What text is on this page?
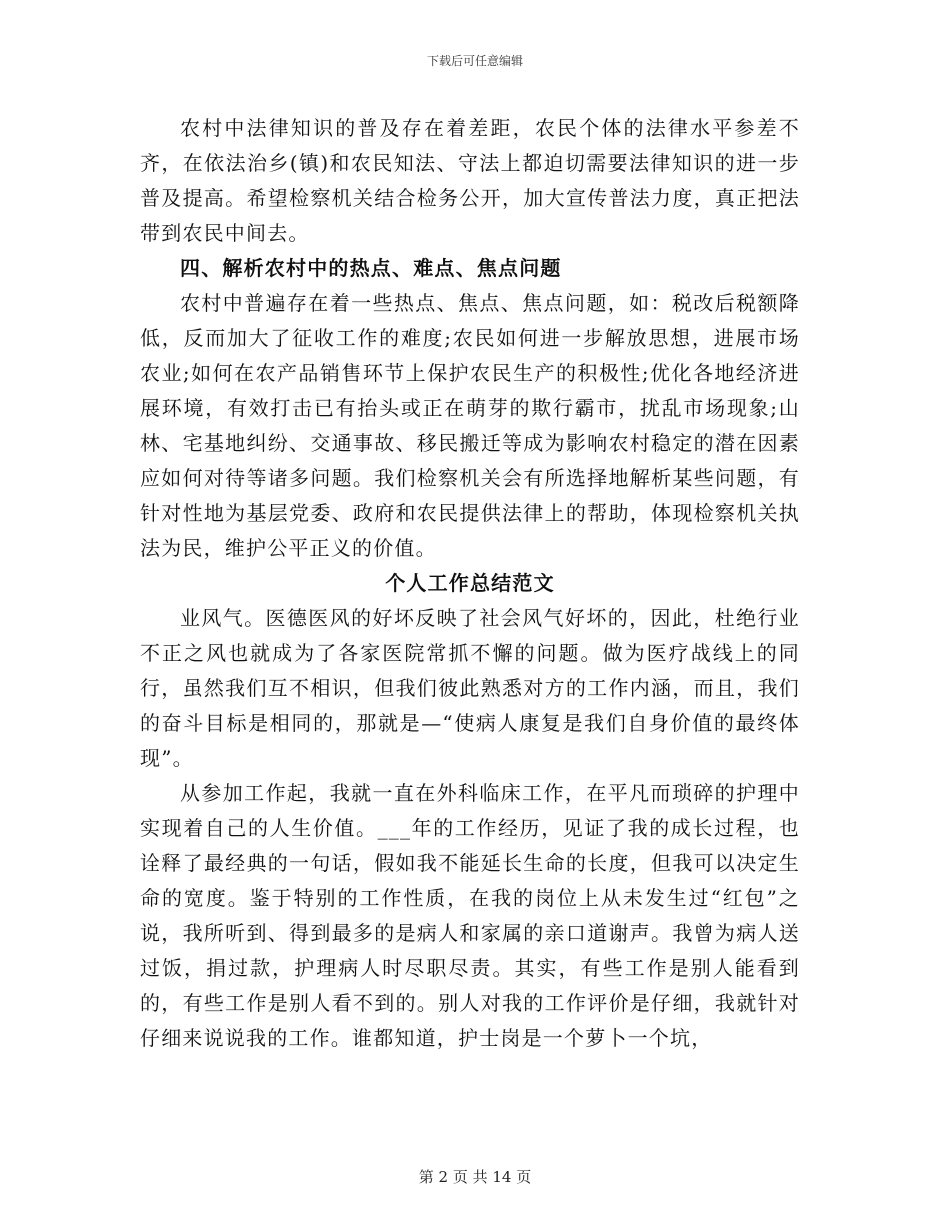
下载后可任意编辑

农村中法律知识的普及存在着差距，农民个体的法律水平参差不齐，在依法治乡(镇)和农民知法、守法上都迫切需要法律知识的进一步普及提高。希望检察机关结合检务公开，加大宣传普法力度，真正把法带到农民中间去。

四、解析农村中的热点、难点、焦点问题

农村中普遍存在着一些热点、焦点、焦点问题，如：税改后税额降低，反而加大了征收工作的难度;农民如何进一步解放思想，进展市场农业;如何在农产品销售环节上保护农民生产的积极性;优化各地经济进展环境，有效打击已有抬头或正在萌芽的欺行霸市，扰乱市场现象;山林、宅基地纠纷、交通事故、移民搬迁等成为影响农村稳定的潜在因素应如何对待等诸多问题。我们检察机关会有所选择地解析某些问题，有针对性地为基层党委、政府和农民提供法律上的帮助，体现检察机关执法为民，维护公平正义的价值。

个人工作总结范文

业风气。医德医风的好坏反映了社会风气好坏的，因此，杜绝行业不正之风也就成为了各家医院常抓不懈的问题。做为医疗战线上的同行，虽然我们互不相识，但我们彼此熟悉对方的工作内涵，而且，我们的奋斗目标是相同的，那就是—“使病人康复是我们自身价值的最终体现”。

从参加工作起，我就一直在外科临床工作，在平凡而琐碎的护理中实现着自己的人生价值。___年的工作经历，见证了我的成长过程，也诠释了最经典的一句话，假如我不能延长生命的长度，但我可以决定生命的宽度。鉴于特别的工作性质，在我的岗位上从未发生过“红包”之说，我所听到、得到最多的是病人和家属的亲口道谢声。我曾为病人送过饭，捐过款，护理病人时尽职尽责。其实，有些工作是别人能看到的，有些工作是别人看不到的。别人对我的工作评价是仔细，我就针对仔细来说说我的工作。谁都知道，护士岗是一个萝卜一个坑，

第 2 页 共 14 页
